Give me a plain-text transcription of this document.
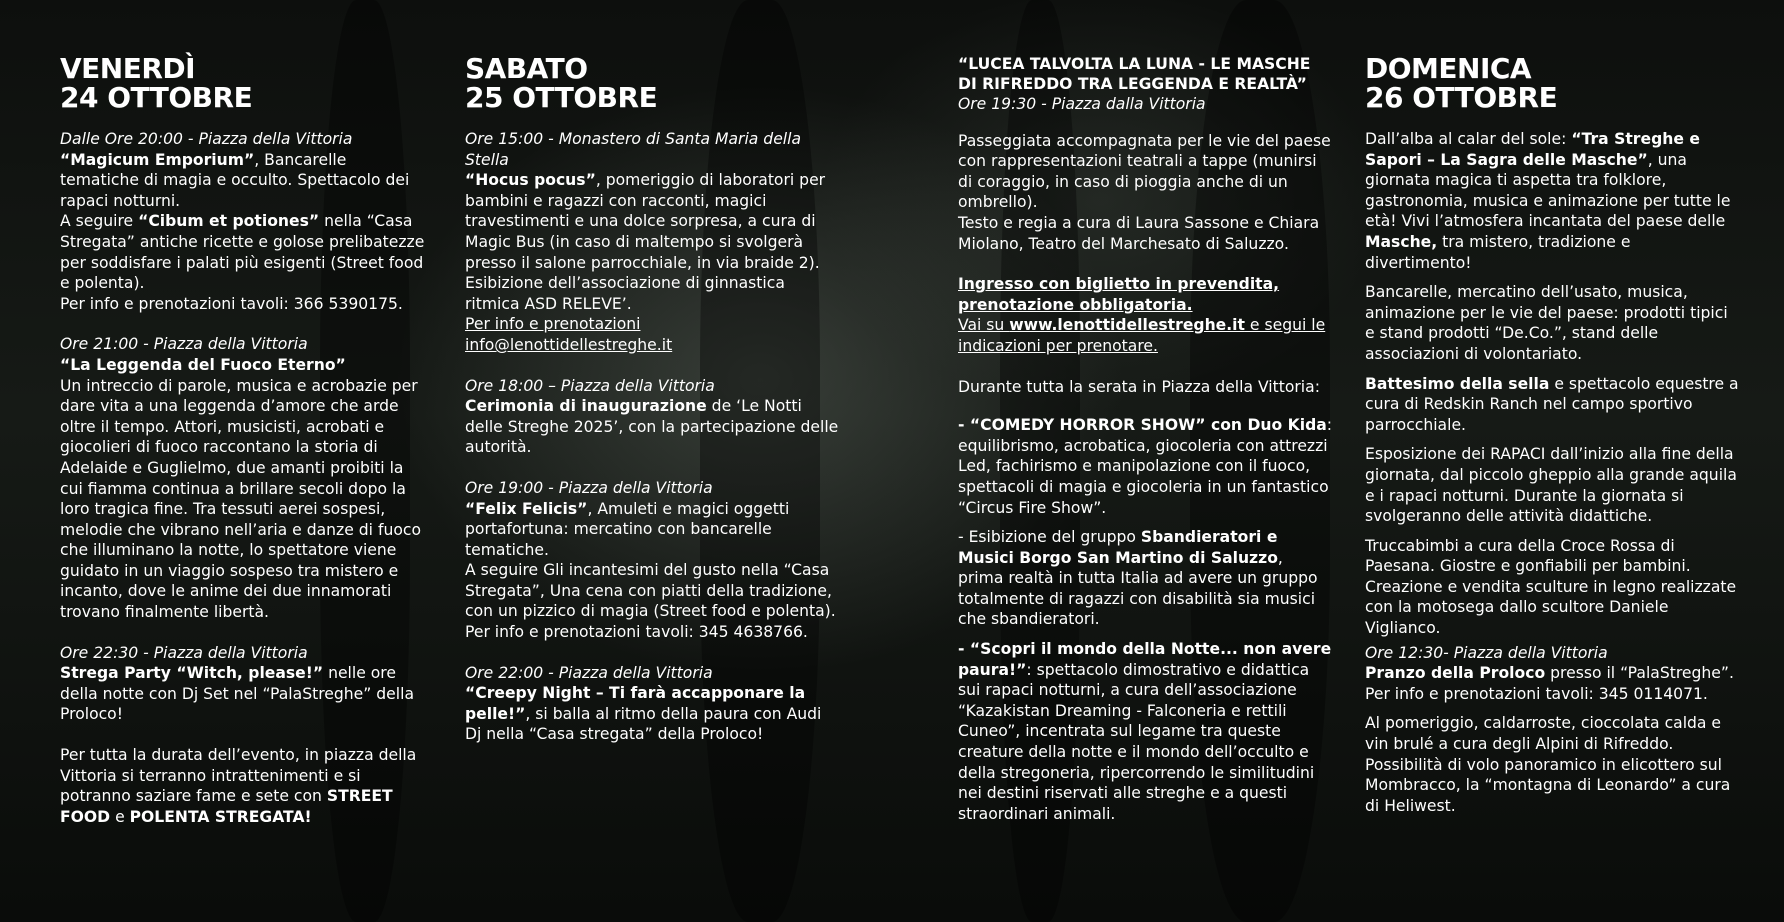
VENERDÌ
24 OTTOBRE

Dalle Ore 20:00 - Piazza della Vittoria

“Magicum Emporium”, Bancarelle tematiche di magia e occulto. Spettacolo dei rapaci notturni.

A seguire “Cibum et potiones” nella “Casa Stregata” antiche ricette e golose prelibatezze per soddisfare i palati più esigenti (Street food e polenta).

Per info e prenotazioni tavoli: 366 5390175.

Ore 21:00 - Piazza della Vittoria

“La Leggenda del Fuoco Eterno”

Un intreccio di parole, musica e acrobazie per dare vita a una leggenda d’amore che arde oltre il tempo. Attori, musicisti, acrobati e giocolieri di fuoco raccontano la storia di Adelaide e Guglielmo, due amanti proibiti la cui fiamma continua a brillare secoli dopo la loro tragica fine. Tra tessuti aerei sospesi, melodie che vibrano nell’aria e danze di fuoco che illuminano la notte, lo spettatore viene guidato in un viaggio sospeso tra mistero e incanto, dove le anime dei due innamorati trovano finalmente libertà.

Ore 22:30 - Piazza della Vittoria

Strega Party “Witch, please!” nelle ore della notte con Dj Set nel “PalaStreghe” della Proloco!

Per tutta la durata dell’evento, in piazza della Vittoria si terranno intrattenimenti e si potranno saziare fame e sete con STREET FOOD e POLENTA STREGATA!

SABATO
25 OTTOBRE

Ore 15:00 - Monastero di Santa Maria della Stella

“Hocus pocus”, pomeriggio di laboratori per bambini e ragazzi con racconti, magici travestimenti e una dolce sorpresa, a cura di Magic Bus (in caso di maltempo si svolgerà presso il salone parrocchiale, in via braide 2). Esibizione dell’associazione di ginnastica ritmica ASD RELEVE’.

Per info e prenotazioni

info@lenottidellestreghe.it

Ore 18:00 – Piazza della Vittoria

Cerimonia di inaugurazione de ‘Le Notti delle Streghe 2025’, con la partecipazione delle autorità.

Ore 19:00 - Piazza della Vittoria

“Felix Felicis”, Amuleti e magici oggetti portafortuna: mercatino con bancarelle tematiche.

A seguire Gli incantesimi del gusto nella “Casa Stregata”, Una cena con piatti della tradizione, con un pizzico di magia (Street food e polenta).

Per info e prenotazioni tavoli: 345 4638766.

Ore 22:00 - Piazza della Vittoria

“Creepy Night – Ti farà accapponare la pelle!”, si balla al ritmo della paura con Audi Dj nella “Casa stregata” della Proloco!

“LUCEA TALVOLTA LA LUNA - LE MASCHE DI RIFREDDO TRA LEGGENDA E REALTÀ”

Ore 19:30 - Piazza dalla Vittoria

Passeggiata accompagnata per le vie del paese con rappresentazioni teatrali a tappe (munirsi di coraggio, in caso di pioggia anche di un ombrello).

Testo e regia a cura di Laura Sassone e Chiara Miolano, Teatro del Marchesato di Saluzzo.

Ingresso con biglietto in prevendita,

prenotazione obbligatoria.

Vai su www.lenottidellestreghe.it e segui le indicazioni per prenotare.

Durante tutta la serata in Piazza della Vittoria:

- “COMEDY HORROR SHOW” con Duo Kida: equilibrismo, acrobatica, giocoleria con attrezzi Led, fachirismo e manipolazione con il fuoco, spettacoli di magia e giocoleria in un fantastico “Circus Fire Show”.

- Esibizione del gruppo Sbandieratori e Musici Borgo San Martino di Saluzzo, prima realtà in tutta Italia ad avere un gruppo totalmente di ragazzi con disabilità sia musici che sbandieratori.

- “Scopri il mondo della Notte... non avere paura!”: spettacolo dimostrativo e didattica sui rapaci notturni, a cura dell’associazione “Kazakistan Dreaming - Falconeria e rettili Cuneo”, incentrata sul legame tra queste creature della notte e il mondo dell’occulto e della stregoneria, ripercorrendo le similitudini nei destini riservati alle streghe e a questi straordinari animali.

DOMENICA
26 OTTOBRE

Dall’alba al calar del sole: “Tra Streghe e Sapori – La Sagra delle Masche”, una giornata magica ti aspetta tra folklore, gastronomia, musica e animazione per tutte le età! Vivi l’atmosfera incantata del paese delle Masche, tra mistero, tradizione e divertimento!

Bancarelle, mercatino dell’usato, musica, animazione per le vie del paese: prodotti tipici e stand prodotti “De.Co.”, stand delle associazioni di volontariato.

Battesimo della sella e spettacolo equestre a cura di Redskin Ranch nel campo sportivo parrocchiale.

Esposizione dei RAPACI dall’inizio alla fine della giornata, dal piccolo gheppio alla grande aquila e i rapaci notturni. Durante la giornata si svolgeranno delle attività didattiche.

Truccabimbi a cura della Croce Rossa di Paesana. Giostre e gonfiabili per bambini. Creazione e vendita sculture in legno realizzate con la motosega dallo scultore Daniele Viglianco.

Ore 12:30- Piazza della Vittoria

Pranzo della Proloco presso il “PalaStreghe”.

Per info e prenotazioni tavoli: 345 0114071.

Al pomeriggio, caldarroste, cioccolata calda e vin brulé a cura degli Alpini di Rifreddo. Possibilità di volo panoramico in elicottero sul Mombracco, la “montagna di Leonardo” a cura di Heliwest.
